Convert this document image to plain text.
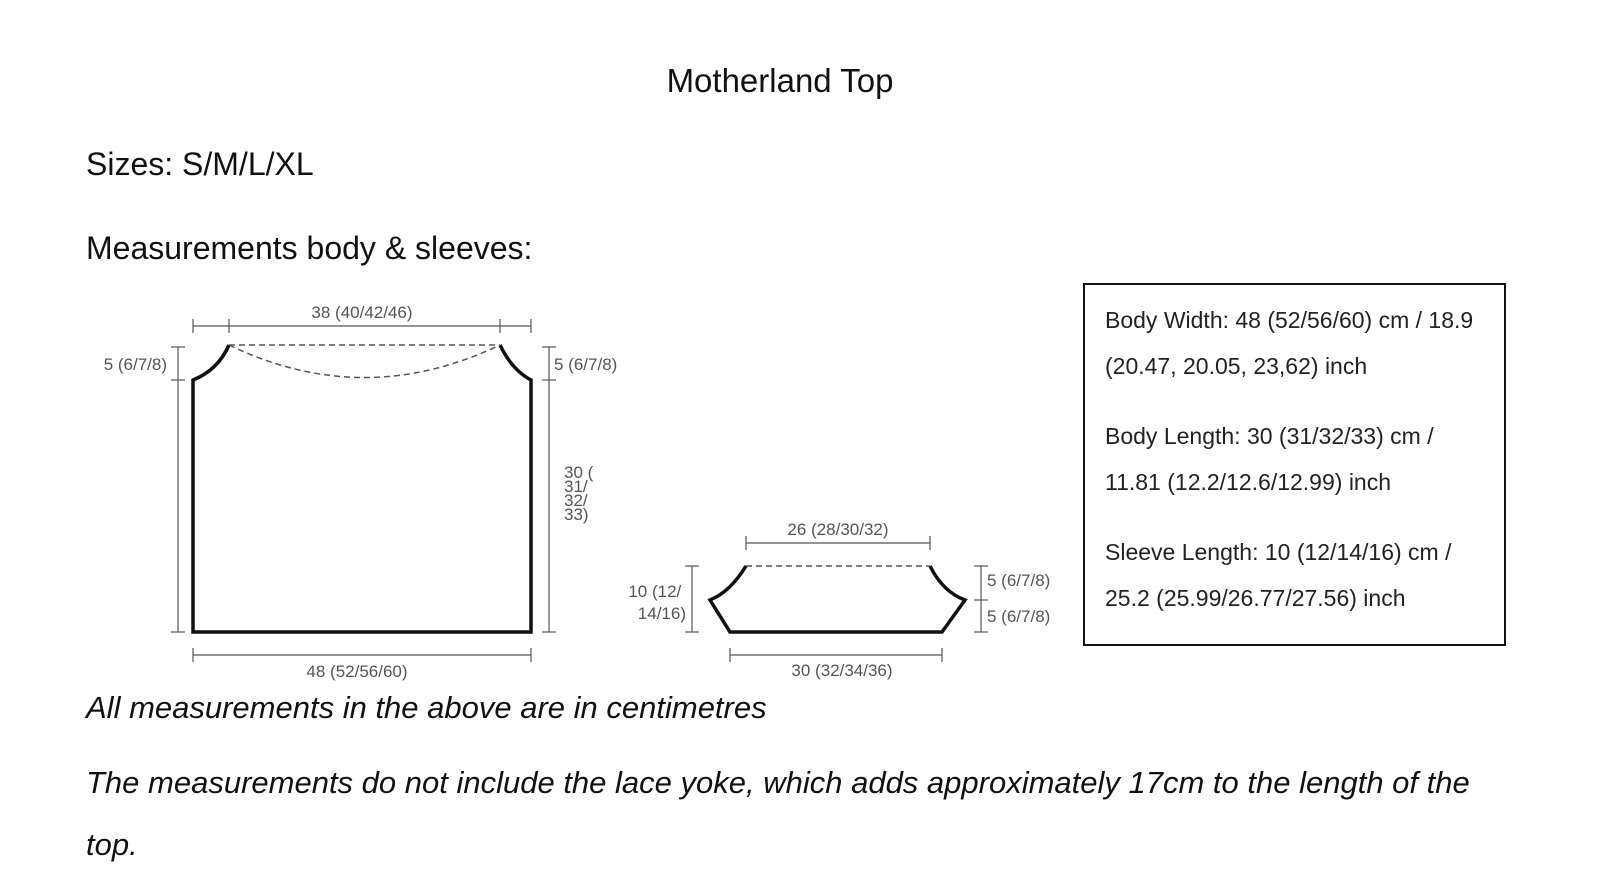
Motherland Top
Sizes: S/M/L/XL
Measurements body & sleeves:
38 (40/42/46)
48 (52/56/60)
5 (6/7/8)	5 (6/7/8)
30 ( 31/ 32/ 33)
26 (28/30/32)
30 (32/34/36)
10 (12/ 14/16)
5 (6/7/8)
5 (6/7/8)

Body Width: 48 (52/56/60) cm / 18.9 (20.47, 20.05, 23,62) inch

Body Length: 30 (31/32/33) cm / 11.81 (12.2/12.6/12.99) inch

Sleeve Length: 10 (12/14/16) cm / 25.2 (25.99/26.77/27.56) inch

All measurements in the above are in centimetres
The measurements do not include the lace yoke, which adds approximately 17cm to the length of the top.
